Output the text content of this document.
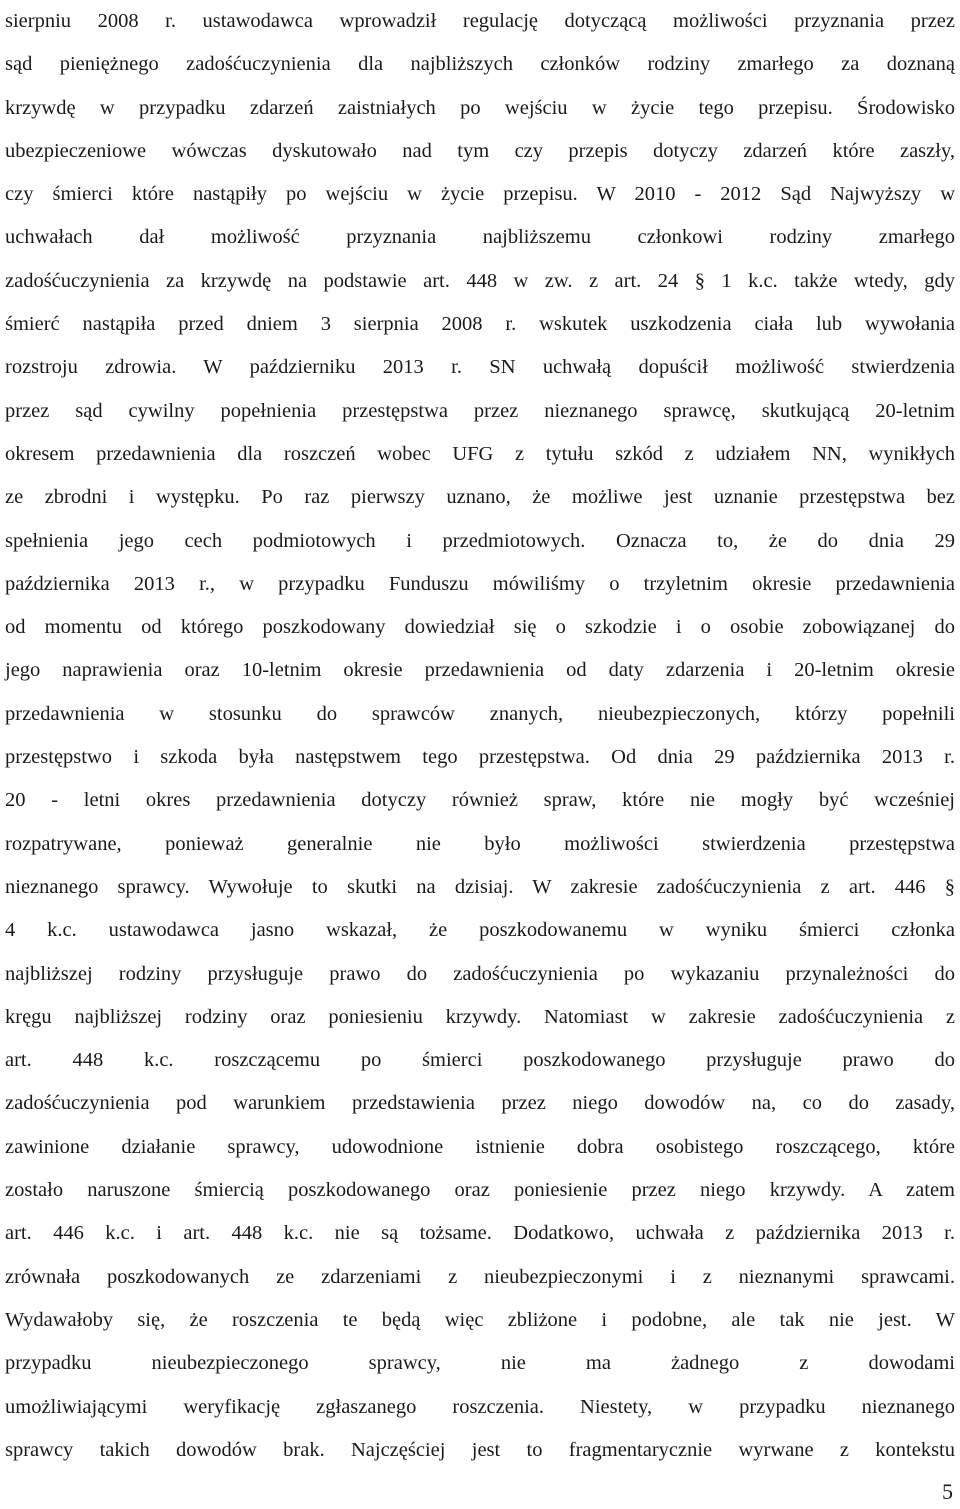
sierpniu 2008 r. ustawodawca wprowadził regulację dotyczącą możliwości przyznania przez
sąd pieniężnego zadośćuczynienia dla najbliższych członków rodziny zmarłego za doznaną
krzywdę w przypadku zdarzeń zaistniałych po wejściu w życie tego przepisu. Środowisko
ubezpieczeniowe wówczas dyskutowało nad tym czy przepis dotyczy zdarzeń które zaszły,
czy śmierci które nastąpiły po wejściu w życie przepisu. W 2010 - 2012 Sąd Najwyższy w
uchwałach dał możliwość przyznania najbliższemu członkowi rodziny zmarłego
zadośćuczynienia za krzywdę na podstawie art. 448 w zw. z art. 24 § 1 k.c. także wtedy, gdy
śmierć nastąpiła przed dniem 3 sierpnia 2008 r. wskutek uszkodzenia ciała lub wywołania
rozstroju zdrowia. W październiku 2013 r. SN uchwałą dopuścił możliwość stwierdzenia
przez sąd cywilny popełnienia przestępstwa przez nieznanego sprawcę, skutkującą 20-letnim
okresem przedawnienia dla roszczeń wobec UFG z tytułu szkód z udziałem NN, wynikłych
ze zbrodni i występku. Po raz pierwszy uznano, że możliwe jest uznanie przestępstwa bez
spełnienia jego cech podmiotowych i przedmiotowych. Oznacza to, że do dnia 29
października 2013 r., w przypadku Funduszu mówiliśmy o trzyletnim okresie przedawnienia
od momentu od którego poszkodowany dowiedział się o szkodzie i o osobie zobowiązanej do
jego naprawienia oraz 10-letnim okresie przedawnienia od daty zdarzenia i 20-letnim okresie
przedawnienia w stosunku do sprawców znanych, nieubezpieczonych, którzy popełnili
przestępstwo i szkoda była następstwem tego przestępstwa. Od dnia 29 października 2013 r.
20 - letni okres przedawnienia dotyczy również spraw, które nie mogły być wcześniej
rozpatrywane, ponieważ generalnie nie było możliwości stwierdzenia przestępstwa
nieznanego sprawcy. Wywołuje to skutki na dzisiaj. W zakresie zadośćuczynienia z art. 446 §
4 k.c. ustawodawca jasno wskazał, że poszkodowanemu w wyniku śmierci członka
najbliższej rodziny przysługuje prawo do zadośćuczynienia po wykazaniu przynależności do
kręgu najbliższej rodziny oraz poniesieniu krzywdy. Natomiast w zakresie zadośćuczynienia z
art. 448 k.c. roszczącemu po śmierci poszkodowanego przysługuje prawo do
zadośćuczynienia pod warunkiem przedstawienia przez niego dowodów na, co do zasady,
zawinione działanie sprawcy, udowodnione istnienie dobra osobistego roszczącego, które
zostało naruszone śmiercią poszkodowanego oraz poniesienie przez niego krzywdy. A zatem
art. 446 k.c. i art. 448 k.c. nie są tożsame. Dodatkowo, uchwała z października 2013 r.
zrównała poszkodowanych ze zdarzeniami z nieubezpieczonymi i z nieznanymi sprawcami.
Wydawałoby się, że roszczenia te będą więc zbliżone i podobne, ale tak nie jest. W
przypadku nieubezpieczonego sprawcy, nie ma żadnego z dowodami
umożliwiającymi weryfikację zgłaszanego roszczenia. Niestety, w przypadku nieznanego
sprawcy takich dowodów brak. Najczęściej jest to fragmentarycznie wyrwane z kontekstu
5
